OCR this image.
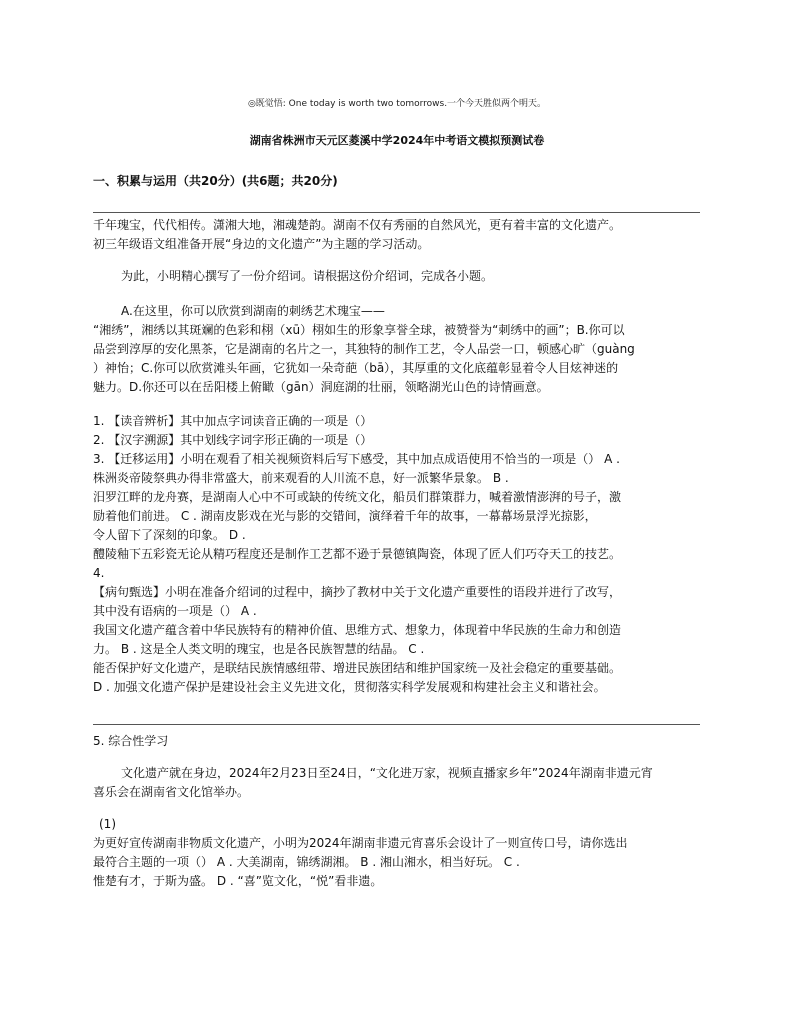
◎既觉悟: One today is worth two tomorrows.一个今天胜似两个明天。
湖南省株洲市天元区菱溪中学2024年中考语文模拟预测试卷
一、积累与运用（共20分）(共6题；共20分)
千年瑰宝，代代相传。潇湘大地，湘魂楚韵。湖南不仅有秀丽的自然风光，更有着丰富的文化遗产。
初三年级语文组准备开展“身边的文化遗产”为主题的学习活动。
为此，小明精心撰写了一份介绍词。请根据这份介绍词，完成各小题。
A.在这里，你可以欣赏到湖南的刺绣艺术瑰宝——
“湘绣”，湘绣以其斑斓的色彩和栩（xū）栩如生的形象享誉全球，被赞誉为“刺绣中的画”；B.你可以
品尝到淳厚的安化黑茶，它是湖南的名片之一，其独特的制作工艺，令人品尝一口，顿感心旷（guàng
）神怡；C.你可以欣赏滩头年画，它犹如一朵奇葩（bā），其厚重的文化底蕴彰显着令人目炫神迷的
魅力。D.你还可以在岳阳楼上俯瞰（gān）洞庭湖的壮丽，领略湖光山色的诗情画意。
1. 【读音辨析】其中加点字词读音正确的一项是（）
2. 【汉字溯源】其中划线字词字形正确的一项是（）
3. 【迁移运用】小明在观看了相关视频资料后写下感受，其中加点成语使用不恰当的一项是（） A .
株洲炎帝陵祭典办得非常盛大，前来观看的人川流不息，好一派繁华景象。 B .
汨罗江畔的龙舟赛，是湖南人心中不可或缺的传统文化，船员们群策群力，喊着激情澎湃的号子，激
励着他们前进。 C . 湖南皮影戏在光与影的交错间，演绎着千年的故事，一幕幕场景浮光掠影，
令人留下了深刻的印象。 D .
醴陵釉下五彩瓷无论从精巧程度还是制作工艺都不逊于景德镇陶瓷，体现了匠人们巧夺天工的技艺。
4.
【病句甄选】小明在准备介绍词的过程中，摘抄了教材中关于文化遗产重要性的语段并进行了改写，
其中没有语病的一项是（） A .
我国文化遗产蕴含着中华民族特有的精神价值、思维方式、想象力，体现着中华民族的生命力和创造
力。 B . 这是全人类文明的瑰宝，也是各民族智慧的结晶。 C .
能否保护好文化遗产，是联结民族情感纽带、增进民族团结和维护国家统一及社会稳定的重要基础。
D . 加强文化遗产保护是建设社会主义先进文化，贯彻落实科学发展观和构建社会主义和谐社会。
5. 综合性学习
文化遗产就在身边，2024年2月23日至24日，“文化进万家，视频直播家乡年”2024年湖南非遗元宵
喜乐会在湖南省文化馆举办。
(1)
为更好宣传湖南非物质文化遗产，小明为2024年湖南非遗元宵喜乐会设计了一则宣传口号，请你选出
最符合主题的一项（） A . 大美湖南，锦绣湖湘。 B . 湘山湘水，相当好玩。 C .
惟楚有才，于斯为盛。 D . “喜”览文化，“悦”看非遗。
